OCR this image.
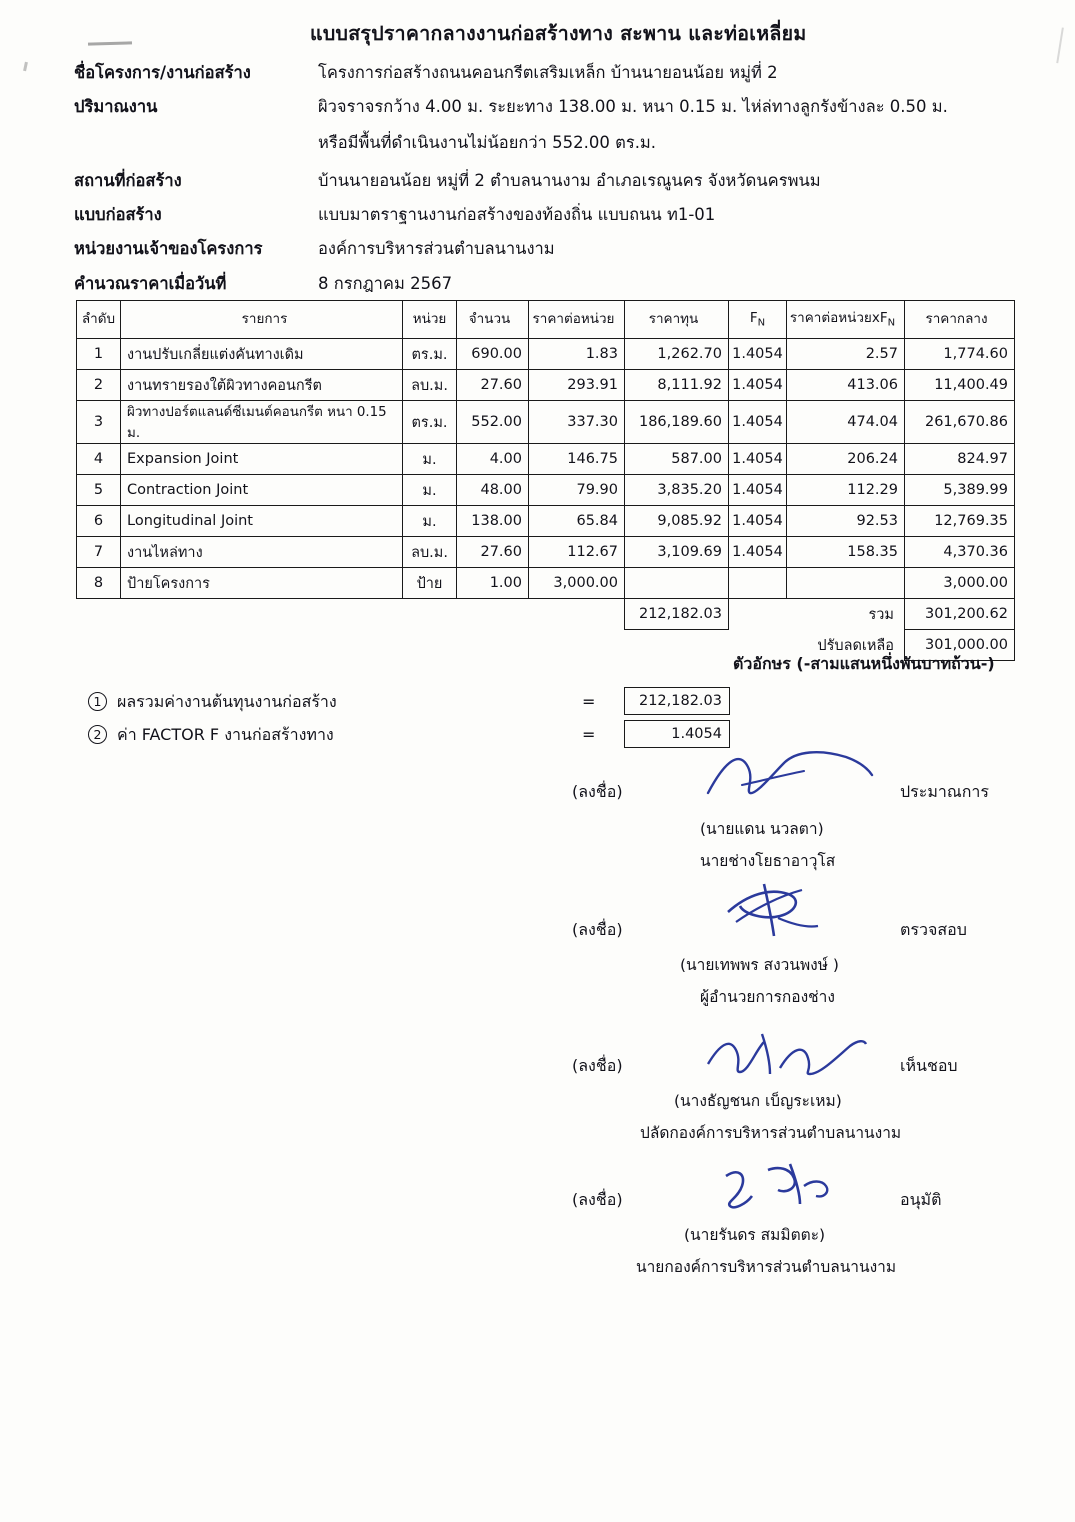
แบบสรุปราคากลางงานก่อสร้างทาง สะพาน และท่อเหลี่ยม
ชื่อโครงการ/งานก่อสร้าง	โครงการก่อสร้างถนนคอนกรีตเสริมเหล็ก บ้านนายอนน้อย หมู่ที่ 2
ปริมาณงาน	ผิวจราจรกว้าง 4.00 ม. ระยะทาง 138.00 ม. หนา 0.15 ม. ไห่ล่ทางลูกรังข้างละ 0.50 ม.
หรือมีพื้นที่ดำเนินงานไม่น้อยกว่า 552.00 ตร.ม.
สถานที่ก่อสร้าง	บ้านนายอนน้อย หมู่ที่ 2 ตำบลนานงาม อำเภอเรณูนคร จังหวัดนครพนม
แบบก่อสร้าง	แบบมาตราฐานงานก่อสร้างของท้องถิ่น แบบถนน ท1-01
หน่วยงานเจ้าของโครงการ	องค์การบริหารส่วนตำบลนานงาม
คำนวณราคาเมื่อวันที่	8 กรกฎาคม 2567
ลำดับ	รายการ	หน่วย	จำนวน	ราคาต่อหน่วย	ราคาทุน	$F_N$	ราคาต่อหน่วย$xF_N$	ราคากลาง
1	งานปรับเกลี่ยแต่งคันทางเดิม	ตร.ม.	690.00	1.83	1,262.70	1.4054	2.57	1,774.60
2	งานทรายรองใต้ผิวทางคอนกรีต	ลบ.ม.	27.60	293.91	8,111.92	1.4054	413.06	11,400.49
3	ผิวทางปอร์ตแลนด์ซีเมนต์คอนกรีต หนา 0.15 ม.	ตร.ม.	552.00	337.30	186,189.60	1.4054	474.04	261,670.86
4	Expansion Joint	ม.	4.00	146.75	587.00	1.4054	206.24	824.97
5	Contraction Joint	ม.	48.00	79.90	3,835.20	1.4054	112.29	5,389.99
6	Longitudinal Joint	ม.	138.00	65.84	9,085.92	1.4054	92.53	12,769.35
7	งานไหล่ทาง	ลบ.ม.	27.60	112.67	3,109.69	1.4054	158.35	4,370.36
8	ป้ายโครงการ	ป้าย	1.00	3,000.00				3,000.00
					212,182.03		รวม	301,200.62
							ปรับลดเหลือ	301,000.00
ตัวอักษร (-สามแสนหนึ่งพันบาทถ้วน-)
1 ผลรวมค่างานต้นทุนงานก่อสร้าง	=	212,182.03
2 ค่า FACTOR F งานก่อสร้างทาง	=	1.4054
(ลงชื่อ)	ประมาณการ
(นายแดน นวลตา)
นายช่างโยธาอาวุโส
(ลงชื่อ)	ตรวจสอบ
(นายเทพพร สงวนพงษ์ )
ผู้อำนวยการกองช่าง
(ลงชื่อ)	เห็นชอบ
(นางธัญชนก เบ็ญระเหม)
ปลัดกองค์การบริหารส่วนตำบลนานงาม
(ลงชื่อ)	อนุมัติ
(นายรันดร สมมิตตะ)
นายกองค์การบริหารส่วนตำบลนานงาม
